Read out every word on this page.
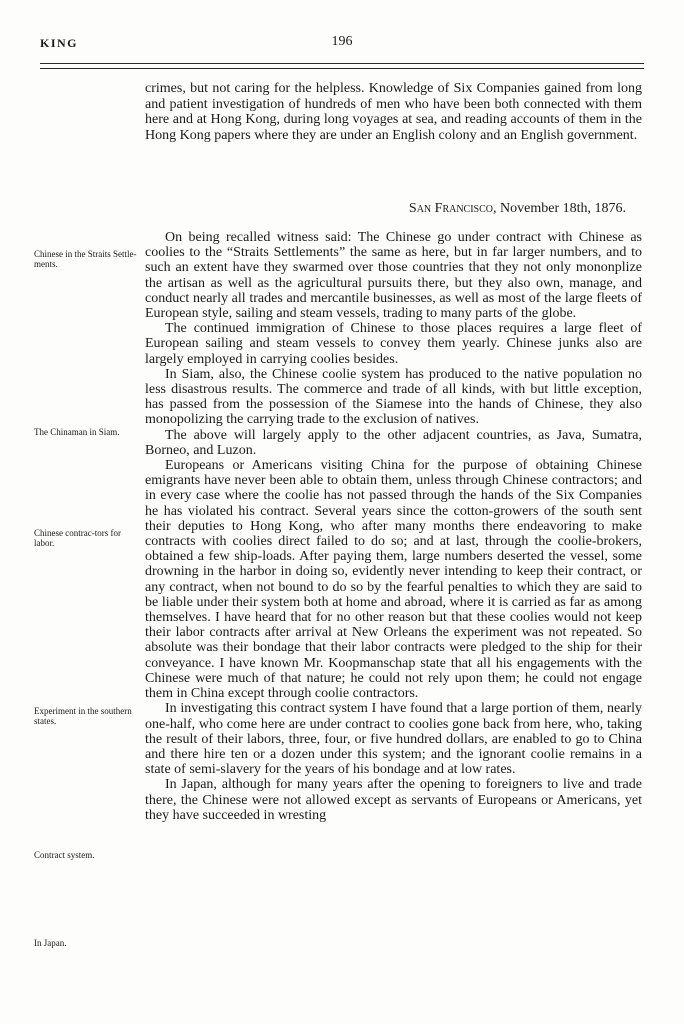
KING	196
crimes, but not caring for the helpless. Knowledge of Six Companies gained from long and patient investigation of hundreds of men who have been both connected with them here and at Hong Kong, during long voyages at sea, and reading accounts of them in the Hong Kong papers where they are under an English colony and an English government.
San Francisco, November 18th, 1876.
Chinese in the Straits Settle-ments.
The Chinaman in Siam.
Chinese contrac-tors for labor.
Experiment in the southern states.
Contract system.
In Japan.

On being recalled witness said: The Chinese go under contract with Chinese as coolies to the “Straits Settlements” the same as here, but in far larger numbers, and to such an extent have they swarmed over those countries that they not only mononplize the artisan as well as the agricultural pursuits there, but they also own, manage, and conduct nearly all trades and mercantile businesses, as well as most of the large fleets of European style, sailing and steam vessels, trading to many parts of the globe.

The continued immigration of Chinese to those places requires a large fleet of European sailing and steam vessels to convey them yearly. Chinese junks also are largely employed in carrying coolies besides.

In Siam, also, the Chinese coolie system has produced to the native population no less disastrous results. The commerce and trade of all kinds, with but little exception, has passed from the possession of the Siamese into the hands of Chinese, they also monopolizing the carrying trade to the exclusion of natives.

The above will largely apply to the other adjacent countries, as Java, Sumatra, Borneo, and Luzon.

Europeans or Americans visiting China for the purpose of obtaining Chinese emigrants have never been able to obtain them, unless through Chinese contractors; and in every case where the coolie has not passed through the hands of the Six Companies he has violated his contract. Several years since the cotton-growers of the south sent their deputies to Hong Kong, who after many months there endeavoring to make contracts with coolies direct failed to do so; and at last, through the coolie-brokers, obtained a few ship-loads. After paying them, large numbers deserted the vessel, some drowning in the harbor in doing so, evidently never intending to keep their contract, or any contract, when not bound to do so by the fearful penalties to which they are said to be liable under their system both at home and abroad, where it is carried as far as among themselves. I have heard that for no other reason but that these coolies would not keep their labor contracts after arrival at New Orleans the experiment was not repeated. So absolute was their bondage that their labor contracts were pledged to the ship for their conveyance. I have known Mr. Koopmanschap state that all his engagements with the Chinese were much of that nature; he could not rely upon them; he could not engage them in China except through coolie contractors.

In investigating this contract system I have found that a large portion of them, nearly one-half, who come here are under contract to coolies gone back from here, who, taking the result of their labors, three, four, or five hundred dollars, are enabled to go to China and there hire ten or a dozen under this system; and the ignorant coolie remains in a state of semi-slavery for the years of his bondage and at low rates.

In Japan, although for many years after the opening to foreigners to live and trade there, the Chinese were not allowed except as servants of Europeans or Americans, yet they have succeeded in wresting
